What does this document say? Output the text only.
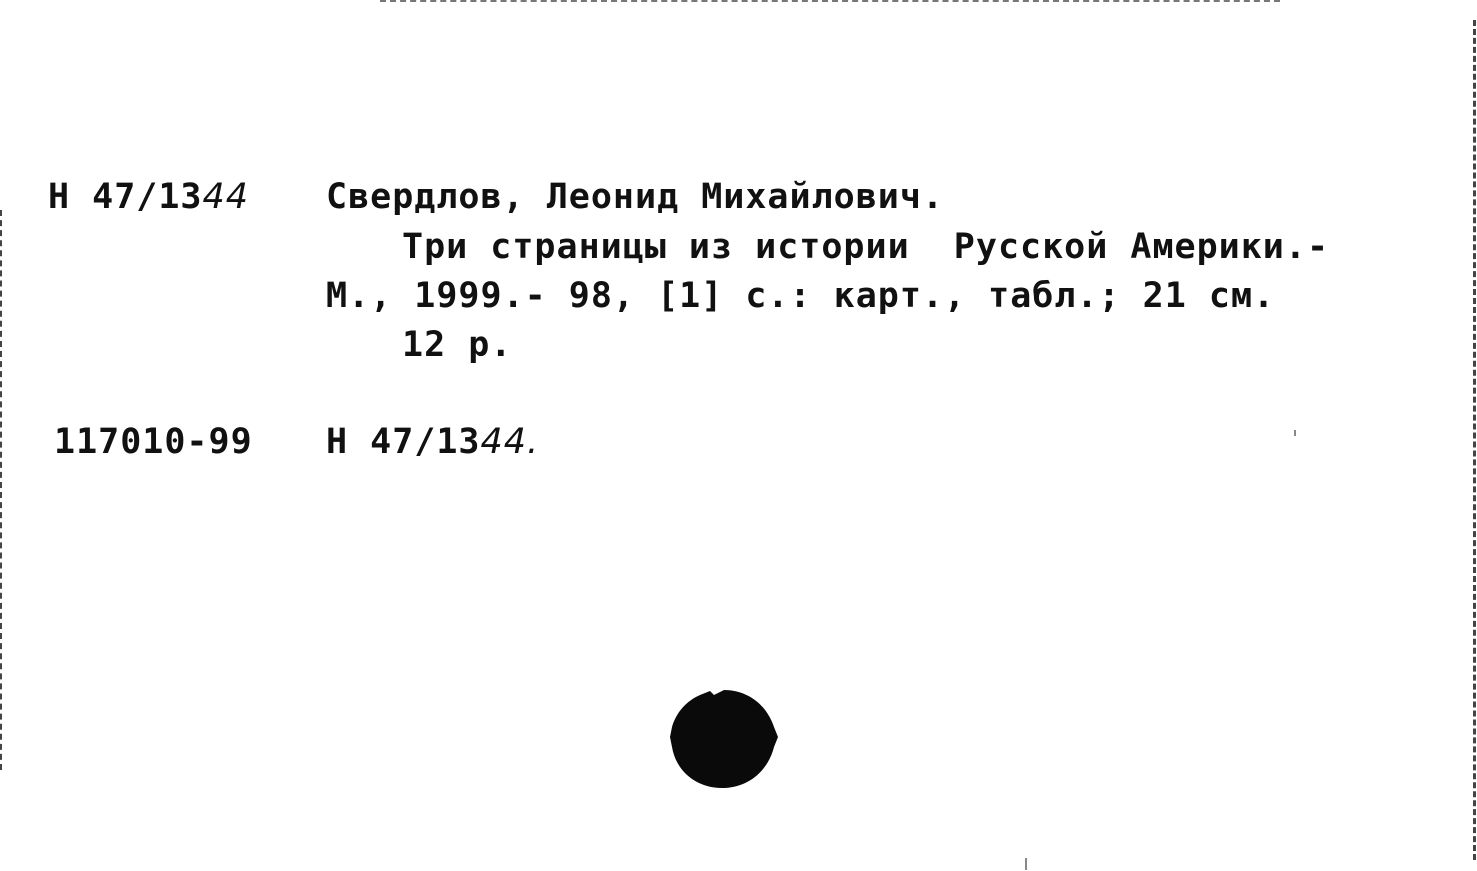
Н 47/1344 Свердлов, Леонид Михайлович.
Три страницы из истории  Русской Америки.-
М., 1999.- 98, [1] с.: карт., табл.; 21 см.
12 р.
117010-99 Н 47/1344.
